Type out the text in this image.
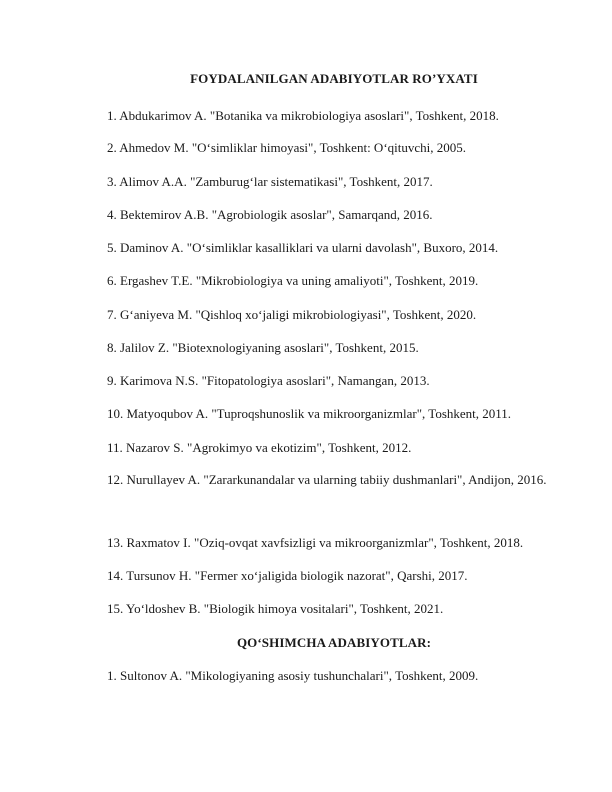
FOYDALANILGAN ADABIYOTLAR RO’YXATI
1. Abdukarimov A. "Botanika va mikrobiologiya asoslari", Toshkent, 2018.
2. Ahmedov M. "O‘simliklar himoyasi", Toshkent: O‘qituvchi, 2005.
3. Alimov A.A. "Zamburug‘lar sistematikasi", Toshkent, 2017.
4. Bektemirov A.B. "Agrobiologik asoslar", Samarqand, 2016.
5. Daminov A. "O‘simliklar kasalliklari va ularni davolash", Buxoro, 2014.
6. Ergashev T.E. "Mikrobiologiya va uning amaliyoti", Toshkent, 2019.
7. G‘aniyeva M. "Qishloq xo‘jaligi mikrobiologiyasi", Toshkent, 2020.
8. Jalilov Z. "Biotexnologiyaning asoslari", Toshkent, 2015.
9. Karimova N.S. "Fitopatologiya asoslari", Namangan, 2013.
10. Matyoqubov A. "Tuproqshunoslik va mikroorganizmlar", Toshkent, 2011.
11. Nazarov S. "Agrokimyo va ekotizim", Toshkent, 2012.
12. Nurullayev A. "Zararkunandalar va ularning tabiiy dushmanlari", Andijon, 2016.
13. Raxmatov I. "Oziq-ovqat xavfsizligi va mikroorganizmlar", Toshkent, 2018.
14. Tursunov H. "Fermer xo‘jaligida biologik nazorat", Qarshi, 2017.
15. Yo‘ldoshev B. "Biologik himoya vositalari", Toshkent, 2021.
QO‘SHIMCHA ADABIYOTLAR:
1. Sultonov A. "Mikologiyaning asosiy tushunchalari", Toshkent, 2009.
